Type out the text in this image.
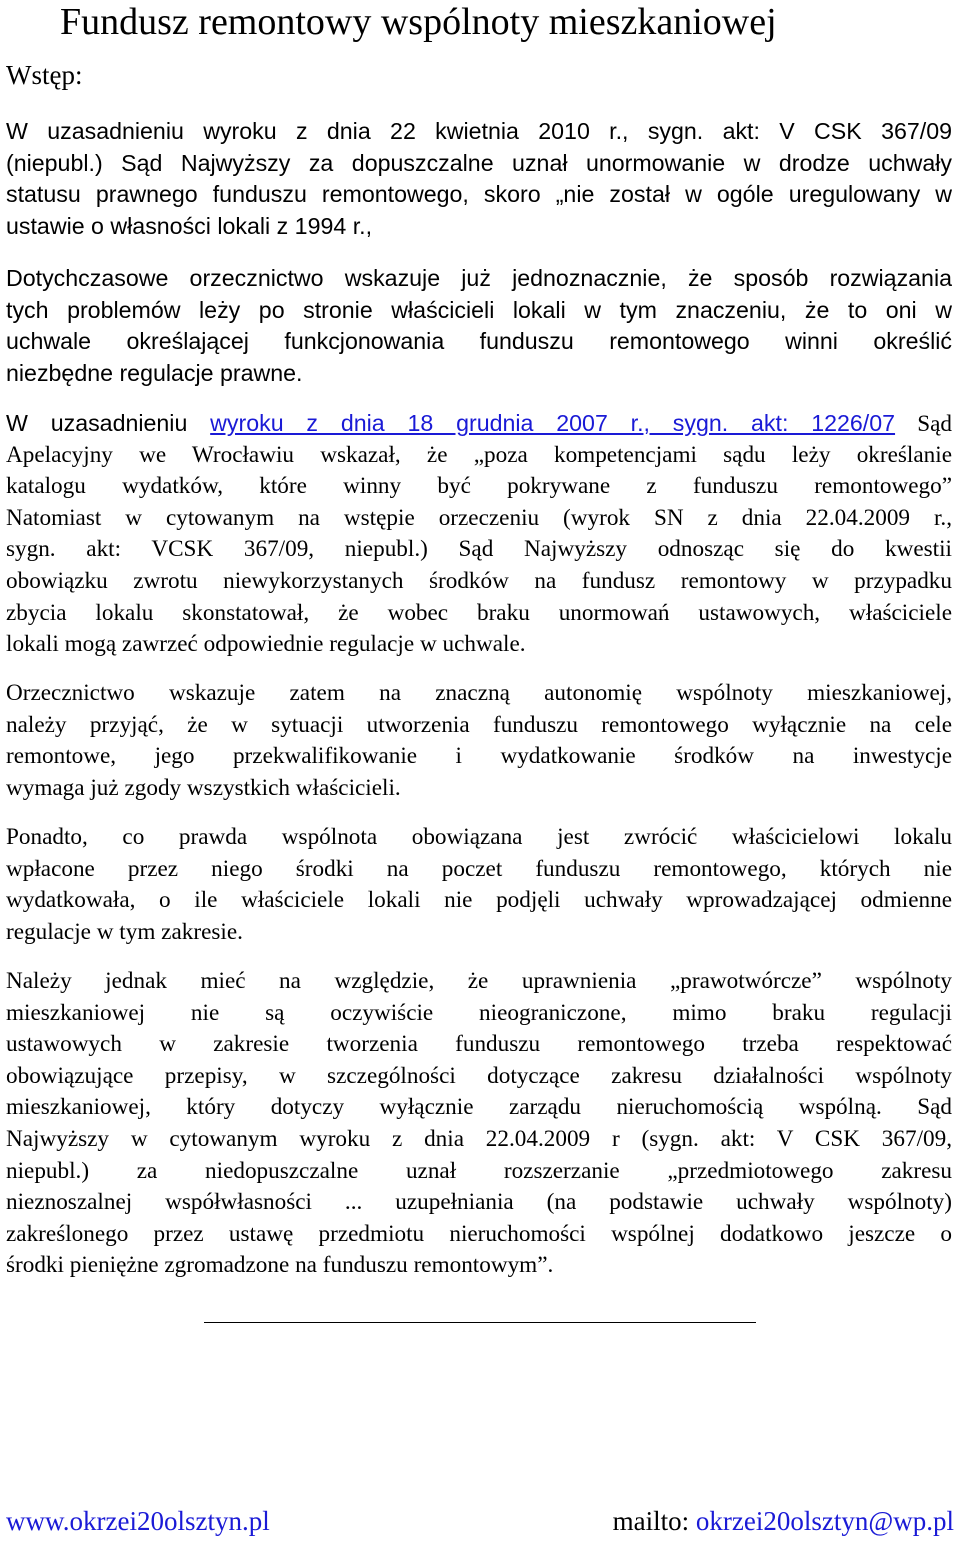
Fundusz remontowy wspólnoty mieszkaniowej
Wstęp:
W uzasadnieniu wyroku z dnia 22 kwietnia 2010 r., sygn. akt: V CSK 367/09
(niepubl.) Sąd Najwyższy za dopuszczalne uznał unormowanie w drodze uchwały
statusu prawnego funduszu remontowego, skoro „nie został w ogóle uregulowany w
ustawie o własności lokali z 1994 r.,
Dotychczasowe orzecznictwo wskazuje już jednoznacznie, że sposób rozwiązania
tych problemów leży po stronie właścicieli lokali w tym znaczeniu, że to oni w
uchwale określającej funkcjonowania funduszu remontowego winni określić
niezbędne regulacje prawne.
W uzasadnieniu wyroku z dnia 18 grudnia 2007 r., sygn. akt: 1226/07 Sąd
Apelacyjny we Wrocławiu wskazał, że „poza kompetencjami sądu leży określanie
katalogu wydatków, które winny być pokrywane z funduszu remontowego”
Natomiast w cytowanym na wstępie orzeczeniu (wyrok SN z dnia 22.04.2009 r.,
sygn. akt: VCSK 367/09, niepubl.) Sąd Najwyższy odnosząc się do kwestii
obowiązku zwrotu niewykorzystanych środków na fundusz remontowy w przypadku
zbycia lokalu skonstatował, że wobec braku unormowań ustawowych, właściciele
lokali mogą zawrzeć odpowiednie regulacje w uchwale.
Orzecznictwo wskazuje zatem na znaczną autonomię wspólnoty mieszkaniowej,
należy przyjąć, że w sytuacji utworzenia funduszu remontowego wyłącznie na cele
remontowe, jego przekwalifikowanie i wydatkowanie środków na inwestycje
wymaga już zgody wszystkich właścicieli.
Ponadto, co prawda wspólnota obowiązana jest zwrócić właścicielowi lokalu
wpłacone przez niego środki na poczet funduszu remontowego, których nie
wydatkowała, o ile właściciele lokali nie podjęli uchwały wprowadzającej odmienne
regulacje w tym zakresie.
Należy jednak mieć na względzie, że uprawnienia „prawotwórcze” wspólnoty
mieszkaniowej nie są oczywiście nieograniczone, mimo braku regulacji
ustawowych w zakresie tworzenia funduszu remontowego trzeba respektować
obowiązujące przepisy, w szczególności dotyczące zakresu działalności wspólnoty
mieszkaniowej, który dotyczy wyłącznie zarządu nieruchomością wspólną. Sąd
Najwyższy w cytowanym wyroku z dnia 22.04.2009 r (sygn. akt: V CSK 367/09,
niepubl.) za niedopuszczalne uznał rozszerzanie „przedmiotowego zakresu
nieznoszalnej współwłasności ... uzupełniania (na podstawie uchwały wspólnoty)
zakreślonego przez ustawę przedmiotu nieruchomości wspólnej dodatkowo jeszcze o
środki pieniężne zgromadzone na funduszu remontowym”.
www.okrzei20olsztyn.pl	mailto: okrzei20olsztyn@wp.pl
